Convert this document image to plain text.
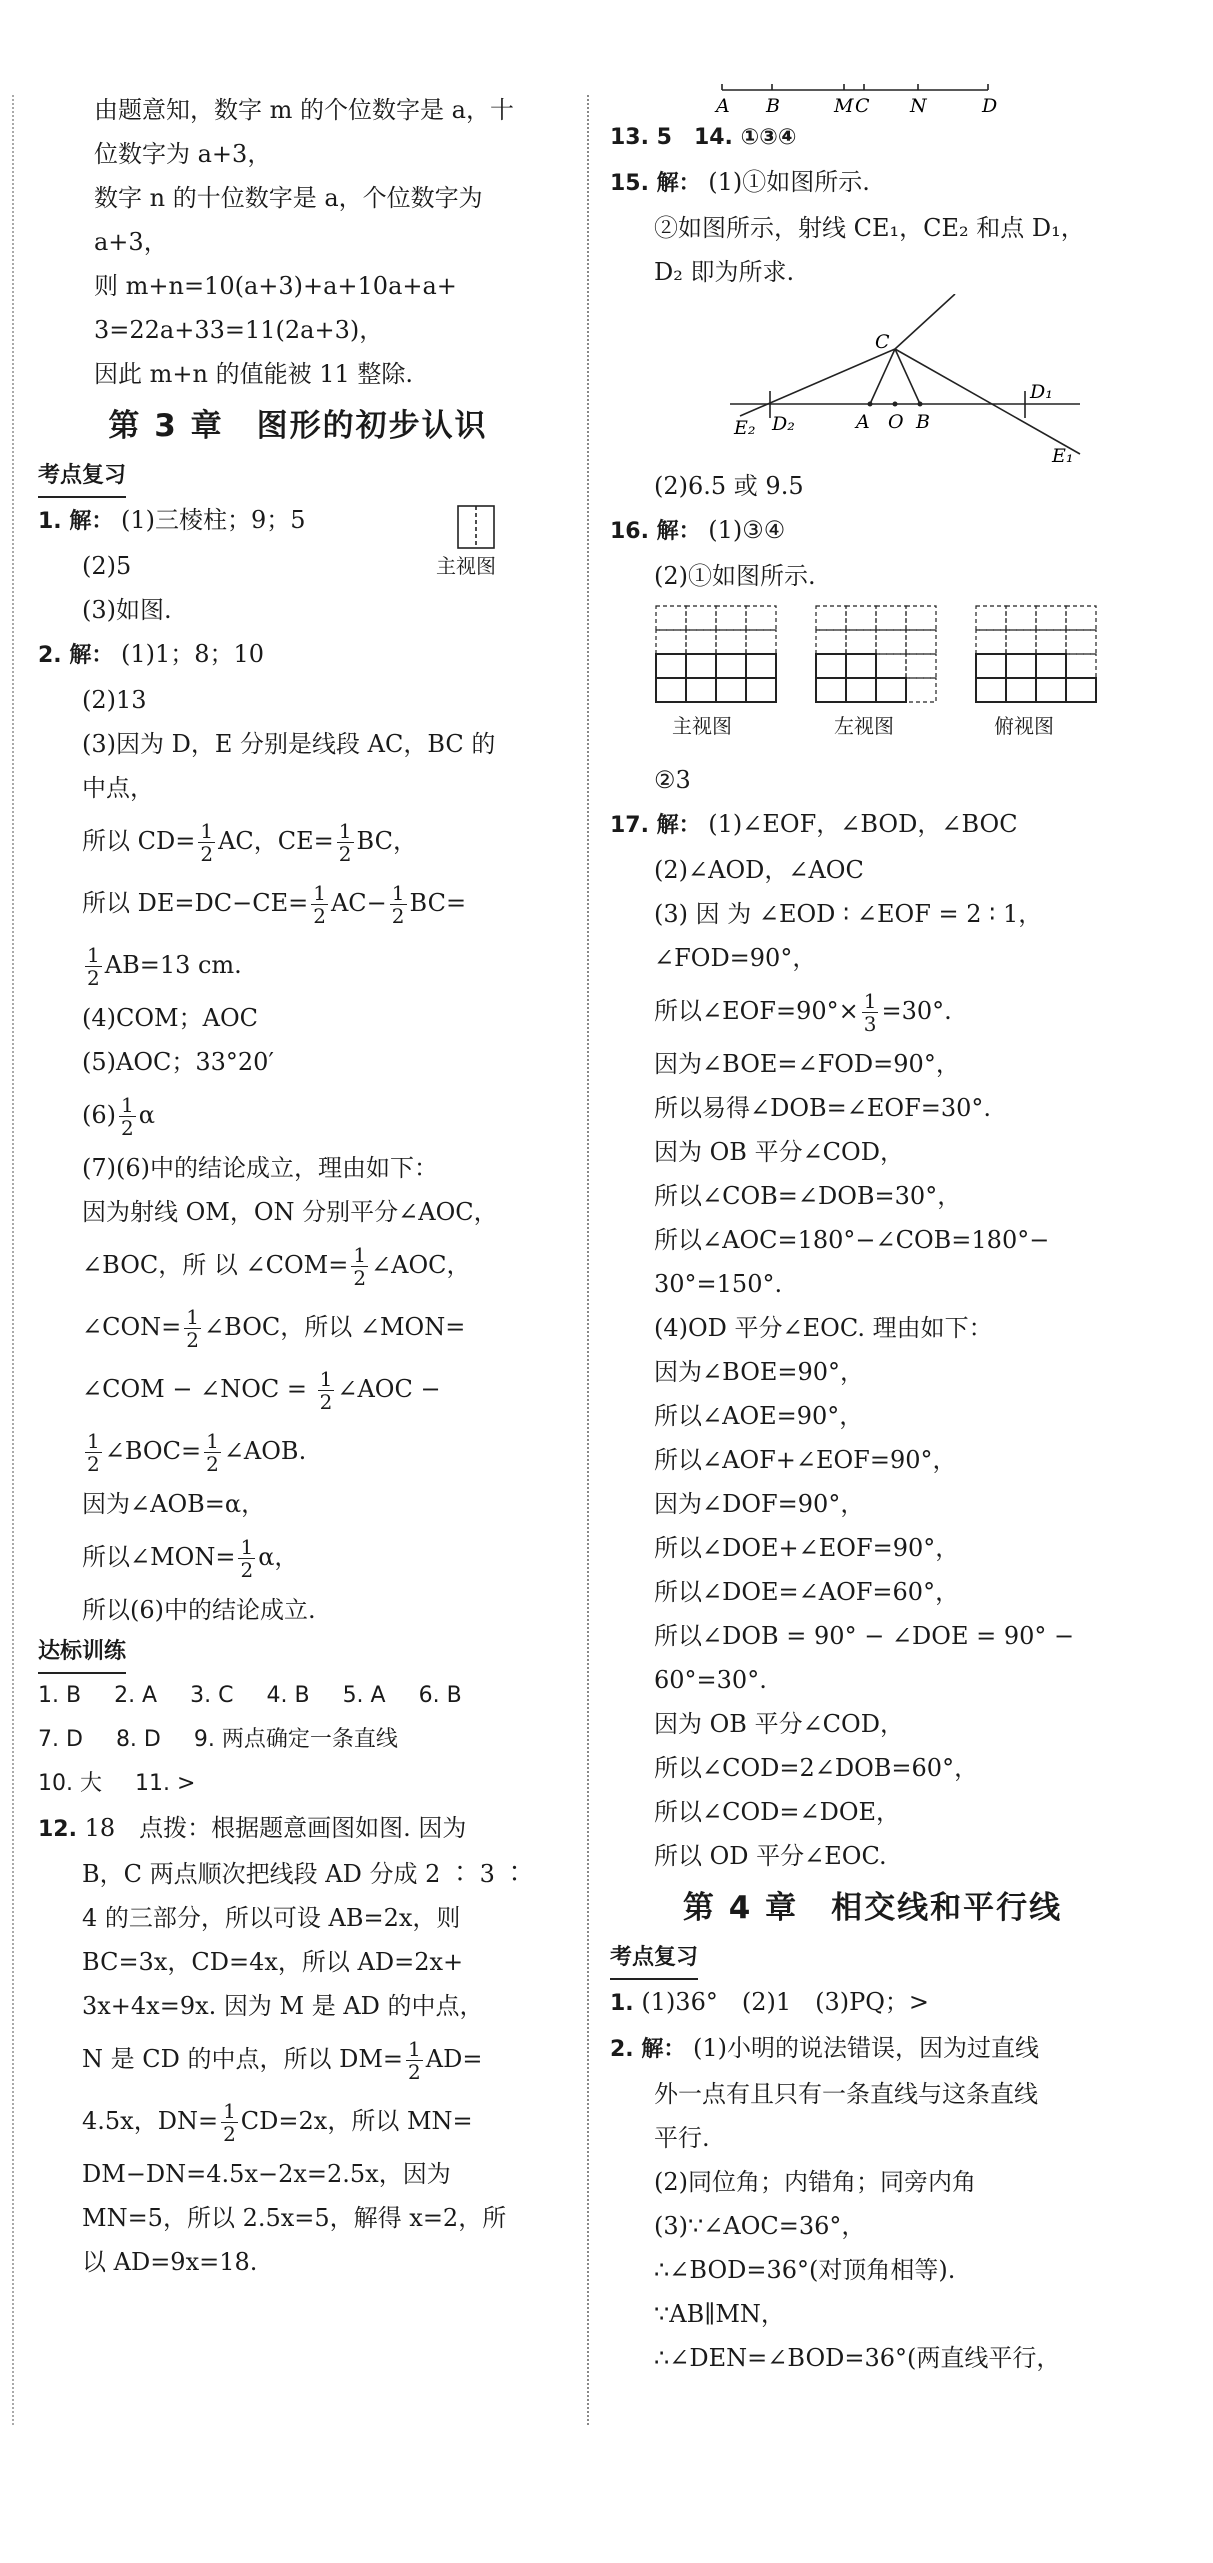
由题意知，数字 m 的个位数字是 a，十
位数字为 a+3，
数字 n 的十位数字是 a，个位数字为
a+3，
则 m+n=10(a+3)+a+10a+a+
3=22a+33=11(2a+3)，
因此 m+n 的值能被 11 整除.
第 3 章　图形的初步认识
考点复习
1. 解： (1)三棱柱；9；5
(2)5	主视图
(3)如图.
2. 解： (1)1；8；10
(2)13
(3)因为 D，E 分别是线段 AC，BC 的
中点，
所以 $CD= \frac{1}{2}$ AC，$CE= \frac{1}{2}$ BC，
所以 $DE=DC-CE= \frac{1}{2} AC- \frac{1}{2} BC=$
$\frac{1}{2} AB=13$ cm.
(4)COM；AOC
(5)AOC；33°20′
$(6) \frac{1}{2}$ α
(7)(6)中的结论成立，理由如下：
因为射线 OM，ON 分别平分∠AOC，
∠BOC，所 以 ∠COM= $\frac{1}{2}$ ∠AOC，
∠CON= $\frac{1}{2}$ ∠BOC，所以 ∠MON=
∠COM − ∠NOC = $\frac{1}{2}$ ∠AOC −
$\frac{1}{2}$ ∠BOC= $\frac{1}{2}$ ∠AOB.
因为∠AOB=α，
所以∠MON= $\frac{1}{2}$ α，
所以(6)中的结论成立.
达标训练
1. B 2. A 3. C 4. B 5. A 6. B
7. D 8. D 9. 两点确定一条直线
10. 大 11. >
12. 18　点拨：根据题意画图如图. 因为
B，C 两点顺次把线段 AD 分成 2 ∶ 3 ∶
4 的三部分，所以可设 AB=2x，则
BC=3x，CD=4x，所以 AD=2x+
3x+4x=9x. 因为 M 是 AD 的中点，
N 是 CD 的中点，所以 $DM= \frac{1}{2} AD=$
4.5x，$DN= \frac{1}{2} CD=2x$，所以 MN=
DM−DN=4.5x−2x=2.5x，因为
MN=5，所以 2.5x=5，解得 x=2，所
以 AD=9x=18.
A B	M C N	D
13. 5　14. ①③④
15. 解： (1)①如图所示.
②如图所示，射线 CE₁，CE₂ 和点 D₁，
D₂ 即为所求.
C
D₁
E₂ D₂	A O B
E₁
(2)6.5 或 9.5
16. 解： (1)③④
(2)①如图所示.
主视图	左视图	俯视图
②3
17. 解： (1)∠EOF，∠BOD，∠BOC
(2)∠AOD，∠AOC
(3) 因 为 ∠EOD ∶ ∠EOF = 2 ∶ 1，
∠FOD=90°，
所以∠EOF=90°× $\frac{1}{3} =30^\circ$.
因为∠BOE=∠FOD=90°，
所以易得∠DOB=∠EOF=30°.
因为 OB 平分∠COD，
所以∠COB=∠DOB=30°，
所以∠AOC=180°−∠COB=180°−
30°=150°.
(4)OD 平分∠EOC. 理由如下：
因为∠BOE=90°，
所以∠AOE=90°，
所以∠AOF+∠EOF=90°，
因为∠DOF=90°，
所以∠DOE+∠EOF=90°，
所以∠DOE=∠AOF=60°，
所以∠DOB = 90° − ∠DOE = 90° −
60°=30°.
因为 OB 平分∠COD，
所以∠COD=2∠DOB=60°，
所以∠COD=∠DOE，
所以 OD 平分∠EOC.
第 4 章　相交线和平行线
考点复习
1. (1)36°　(2)1　(3)PQ；>
2. 解： (1)小明的说法错误，因为过直线
外一点有且只有一条直线与这条直线
平行.
(2)同位角；内错角；同旁内角
(3)∵∠AOC=36°，
∴∠BOD=36°(对顶角相等).
∵AB∥MN，
∴∠DEN=∠BOD=36°(两直线平行，
